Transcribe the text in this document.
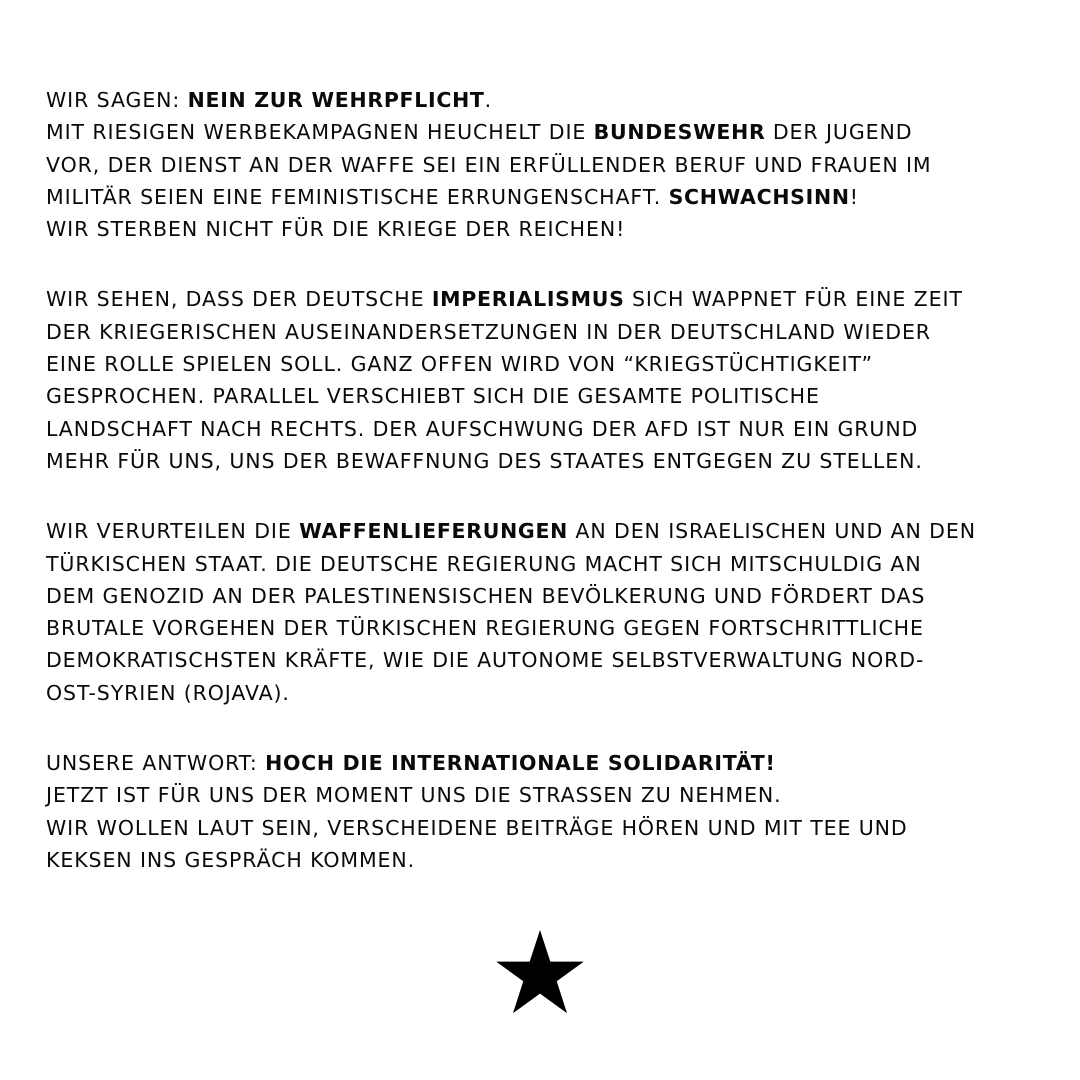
WIR SAGEN: NEIN ZUR WEHRPFLICHT.
MIT RIESIGEN WERBEKAMPAGNEN HEUCHELT DIE BUNDESWEHR DER JUGEND
VOR, DER DIENST AN DER WAFFE SEI EIN ERFÜLLENDER BERUF UND FRAUEN IM
MILITÄR SEIEN EINE FEMINISTISCHE ERRUNGENSCHAFT. SCHWACHSINN!
WIR STERBEN NICHT FÜR DIE KRIEGE DER REICHEN!
WIR SEHEN, DASS DER DEUTSCHE IMPERIALISMUS SICH WAPPNET FÜR EINE ZEIT
DER KRIEGERISCHEN AUSEINANDERSETZUNGEN IN DER DEUTSCHLAND WIEDER
EINE ROLLE SPIELEN SOLL. GANZ OFFEN WIRD VON “KRIEGSTÜCHTIGKEIT”
GESPROCHEN. PARALLEL VERSCHIEBT SICH DIE GESAMTE POLITISCHE
LANDSCHAFT NACH RECHTS. DER AUFSCHWUNG DER AFD IST NUR EIN GRUND
MEHR FÜR UNS, UNS DER BEWAFFNUNG DES STAATES ENTGEGEN ZU STELLEN.
WIR VERURTEILEN DIE WAFFENLIEFERUNGEN AN DEN ISRAELISCHEN UND AN DEN
TÜRKISCHEN STAAT. DIE DEUTSCHE REGIERUNG MACHT SICH MITSCHULDIG AN
DEM GENOZID AN DER PALESTINENSISCHEN BEVÖLKERUNG UND FÖRDERT DAS
BRUTALE VORGEHEN DER TÜRKISCHEN REGIERUNG GEGEN FORTSCHRITTLICHE
DEMOKRATISCHSTEN KRÄFTE, WIE DIE AUTONOME SELBSTVERWALTUNG NORD-
OST-SYRIEN (ROJAVA).
UNSERE ANTWORT: HOCH DIE INTERNATIONALE SOLIDARITÄT!
JETZT IST FÜR UNS DER MOMENT UNS DIE STRASSEN ZU NEHMEN.
WIR WOLLEN LAUT SEIN, VERSCHEIDENE BEITRÄGE HÖREN UND MIT TEE UND
KEKSEN INS GESPRÄCH KOMMEN.
